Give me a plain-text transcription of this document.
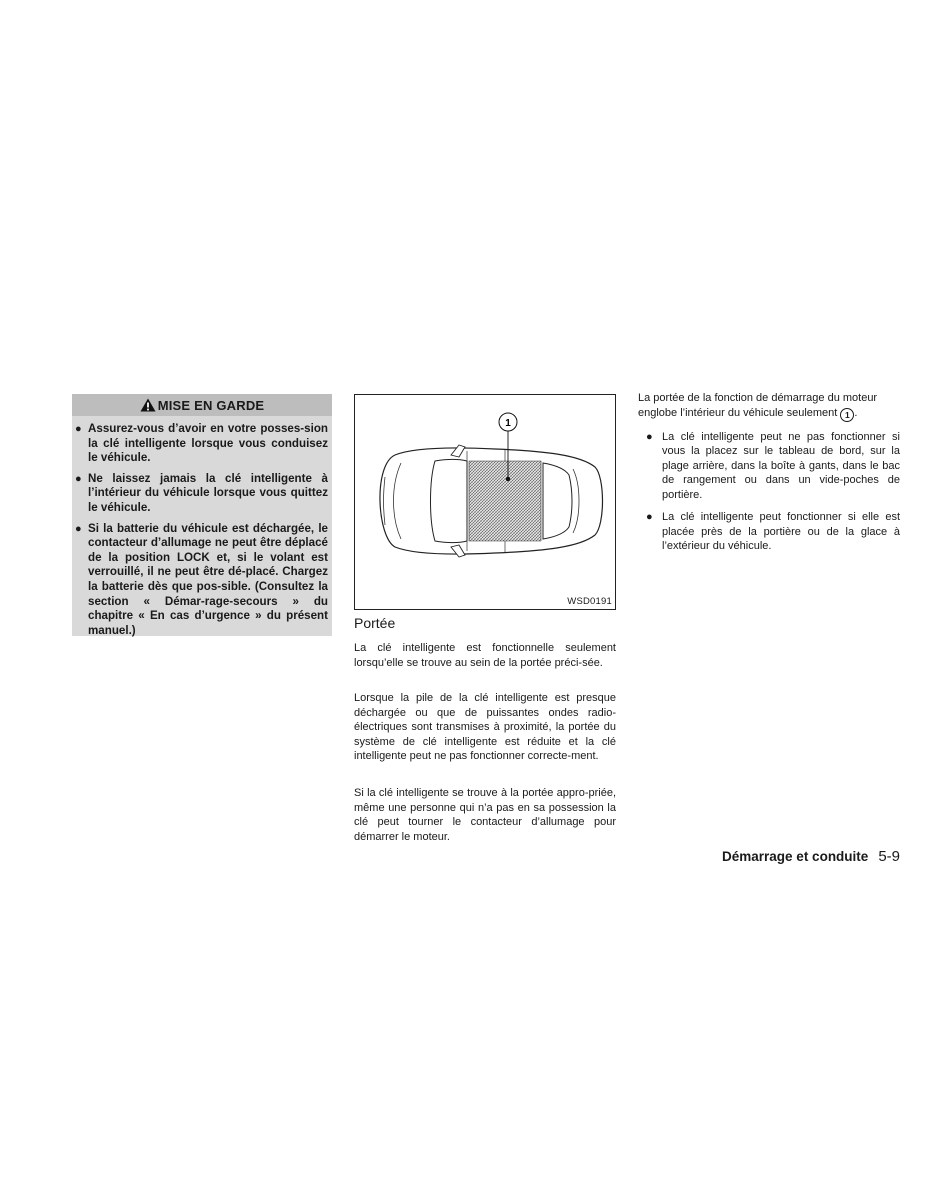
MISE EN GARDE
● Assurez-vous d’avoir en votre posses-sion la clé intelligente lorsque vous conduisez le véhicule.
● Ne laissez jamais la clé intelligente à l’intérieur du véhicule lorsque vous quittez le véhicule.
● Si la batterie du véhicule est déchargée, le contacteur d’allumage ne peut être déplacé de la position LOCK et, si le volant est verrouillé, il ne peut être dé-placé. Chargez la batterie dès que pos-sible. (Consultez la section « Démar-rage-secours » du chapitre « En cas d’urgence » du présent manuel.)
1
WSD0191
Portée

La clé intelligente est fonctionnelle seulement lorsqu’elle se trouve au sein de la portée préci-sée.

Lorsque la pile de la clé intelligente est presque déchargée ou que de puissantes ondes radio-électriques sont transmises à proximité, la portée du système de clé intelligente est réduite et la clé intelligente peut ne pas fonctionner correcte-ment.

Si la clé intelligente se trouve à la portée appro-priée, même une personne qui n’a pas en sa possession la clé peut tourner le contacteur d’allumage pour démarrer le moteur.

La portée de la fonction de démarrage du moteur englobe l’intérieur du véhicule seulement 1 .

● La clé intelligente peut ne pas fonctionner si vous la placez sur le tableau de bord, sur la plage arrière, dans la boîte à gants, dans le bac de rangement ou dans un vide-poches de portière.
● La clé intelligente peut fonctionner si elle est placée près de la portière ou de la glace à l’extérieur du véhicule.
Démarrage et conduite 5-9
